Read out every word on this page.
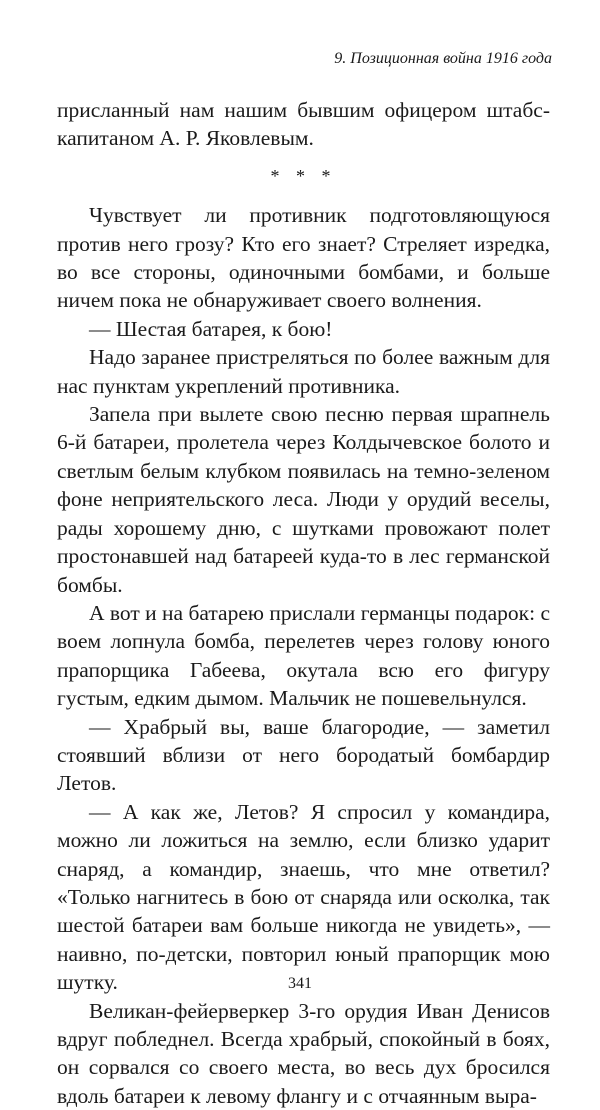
9. Позиционная война 1916 года

присланный нам нашим бывшим офицером штабс-капитаном А. Р. Яковлевым.

* * *

Чувствует ли противник подготовляющуюся против него грозу? Кто его знает? Стреляет изредка, во все стороны, одиночными бомбами, и больше ничем пока не обнаруживает своего волнения.

— Шестая батарея, к бою!

Надо заранее пристреляться по более важным для нас пунктам укреплений противника.

Запела при вылете свою песню первая шрапнель 6-й батареи, пролетела через Колдычевское болото и светлым белым клубком появилась на темно-зеленом фоне неприятельского леса. Люди у орудий веселы, рады хорошему дню, с шутками провожают полет простонавшей над батареей куда-то в лес германской бомбы.

А вот и на батарею прислали германцы подарок: с воем лопнула бомба, перелетев через голову юного прапорщика Габеева, окутала всю его фигуру густым, едким дымом. Мальчик не пошевельнулся.

— Храбрый вы, ваше благородие, — заметил стоявший вблизи от него бородатый бомбардир Летов.

— А как же, Летов? Я спросил у командира, можно ли ложиться на землю, если близко ударит снаряд, а командир, знаешь, что мне ответил? «Только нагнитесь в бою от снаряда или осколка, так шестой батареи вам больше никогда не увидеть», — наивно, по-детски, повторил юный прапорщик мою шутку.

Великан-фейерверкер 3-го орудия Иван Денисов вдруг побледнел. Всегда храбрый, спокойный в боях, он сорвался со своего места, во весь дух бросился вдоль батареи к левому флангу и с отчаянным выра-

341
